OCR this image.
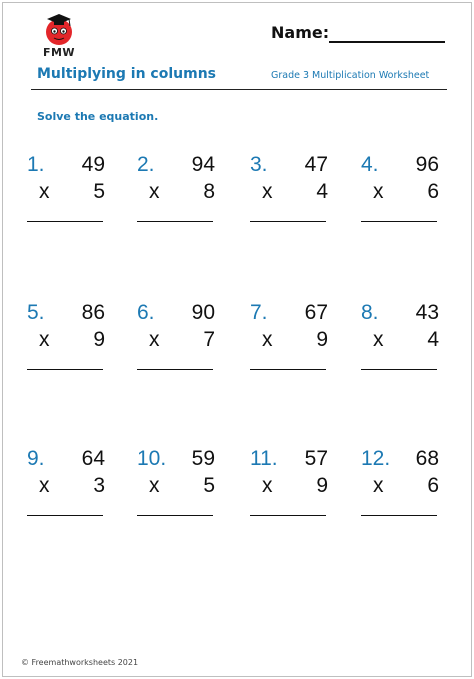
FMW
Name:
Multiplying in columns	Grade 3 Multiplication Worksheet
Solve the equation.
1. 49
x 5
2. 94
x 8
3. 47
x 4
4. 96
x 6
5. 86
x 9
6. 90
x 7
7. 67
x 9
8. 43
x 4
9. 64
x 3
10. 59
x 5
11. 57
x 9
12. 68
x 6
© Freemathworksheets 2021
